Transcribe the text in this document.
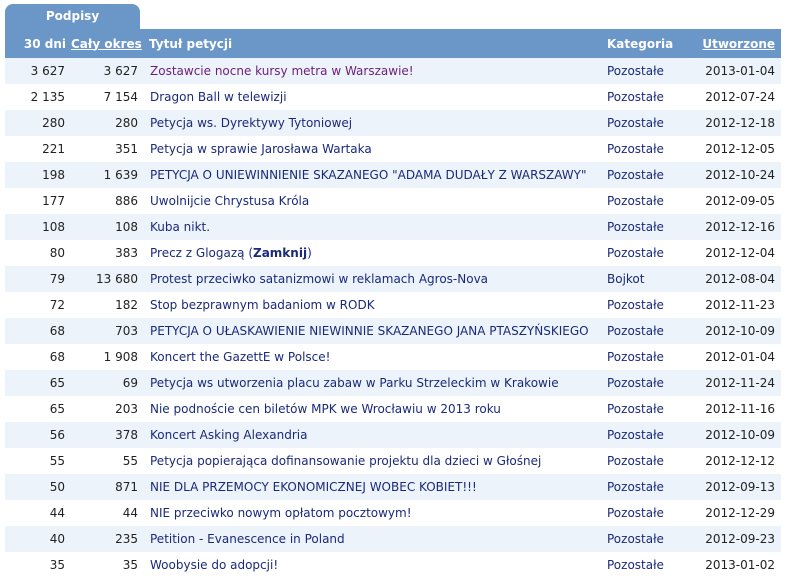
Podpisy
30 dni	Cały okres	Tytuł petycji	Kategoria	Utworzone
3 627	3 627	Zostawcie nocne kursy metra w Warszawie!	Pozostałe	2013-01-04
2 135	7 154	Dragon Ball w telewizji	Pozostałe	2012-07-24
280	280	Petycja ws. Dyrektywy Tytoniowej	Pozostałe	2012-12-18
221	351	Petycja w sprawie Jarosława Wartaka	Pozostałe	2012-12-05
198	1 639	PETYCJA O UNIEWINNIENIE SKAZANEGO "ADAMA DUDAŁY Z WARSZAWY"	Pozostałe	2012-10-24
177	886	Uwolnijcie Chrystusa Króla	Pozostałe	2012-09-05
108	108	Kuba nikt.	Pozostałe	2012-12-16
80	383	Precz z Glogazą (Zamknij)	Pozostałe	2012-12-04
79	13 680	Protest przeciwko satanizmowi w reklamach Agros-Nova	Bojkot	2012-08-04
72	182	Stop bezprawnym badaniom w RODK	Pozostałe	2012-11-23
68	703	PETYCJA O UŁASKAWIENIE NIEWINNIE SKAZANEGO JANA PTASZYŃSKIEGO	Pozostałe	2012-10-09
68	1 908	Koncert the GazettE w Polsce!	Pozostałe	2012-01-04
65	69	Petycja ws utworzenia placu zabaw w Parku Strzeleckim w Krakowie	Pozostałe	2012-11-24
65	203	Nie podnoście cen biletów MPK we Wrocławiu w 2013 roku	Pozostałe	2012-11-16
56	378	Koncert Asking Alexandria	Pozostałe	2012-10-09
55	55	Petycja popierająca dofinansowanie projektu dla dzieci w Głośnej	Pozostałe	2012-12-12
50	871	NIE DLA PRZEMOCY EKONOMICZNEJ WOBEC KOBIET!!!	Pozostałe	2012-09-13
44	44	NIE przeciwko nowym opłatom pocztowym!	Pozostałe	2012-12-29
40	235	Petition - Evanescence in Poland	Pozostałe	2012-09-23
35	35	Woobysie do adopcji!	Pozostałe	2013-01-02
